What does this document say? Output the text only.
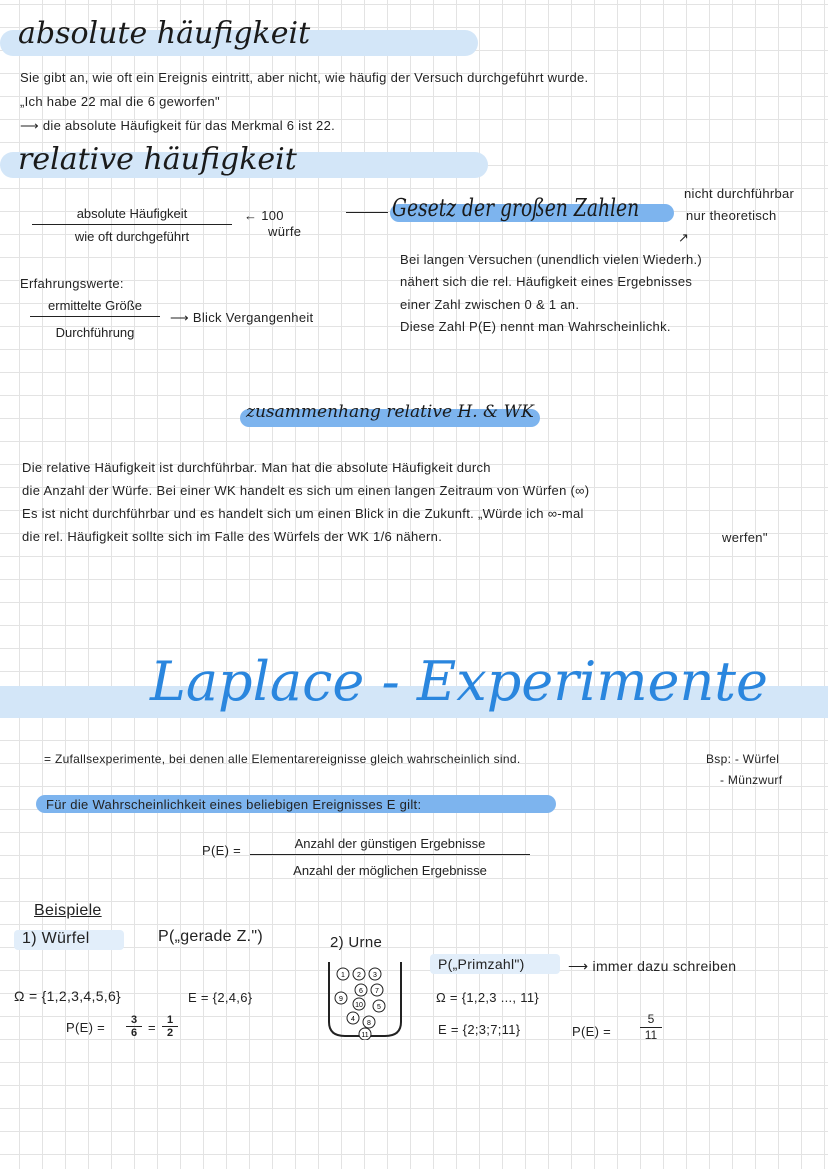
absolute häufigkeit
Sie gibt an, wie oft ein Ereignis eintritt, aber nicht, wie häufig der Versuch durchgeführt wurde.
„Ich habe 22 mal die 6 geworfen"
⟶ die absolute Häufigkeit für das Merkmal 6 ist 22.
relative häufigkeit
absolute Häufigkeit
wie oft durchgeführt
← 100
würfe
Gesetz der großen Zahlen
nicht durchführbar
nur theoretisch
↗
Bei langen Versuchen (unendlich vielen Wiederh.)
nähert sich die rel. Häufigkeit eines Ergebnisses
einer Zahl zwischen 0 & 1 an.
Diese Zahl P(E) nennt man Wahrscheinlichk.
Erfahrungswerte:
ermittelte Größe
Durchführung
⟶ Blick Vergangenheit
zusammenhang relative H. & WK
Die relative Häufigkeit ist durchführbar. Man hat die absolute Häufigkeit durch
die Anzahl der Würfe. Bei einer WK handelt es sich um einen langen Zeitraum von Würfen (∞)
Es ist nicht durchführbar und es handelt sich um einen Blick in die Zukunft. „Würde ich ∞-mal
die rel. Häufigkeit sollte sich im Falle des Würfels der WK 1/6 nähern.	werfen"
Laplace - Experimente
= Zufallsexperimente, bei denen alle Elementarereignisse gleich wahrscheinlich sind.	Bsp: - Würfel
- Münzwurf
Für die Wahrscheinlichkeit eines beliebigen Ereignisses E gilt:
P(E) =	Anzahl der günstigen Ergebnisse
Anzahl der möglichen Ergebnisse
Beispiele
1) Würfel	P(„gerade Z.")
Ω = {1,2,3,4,5,6}	E = {2,4,6}
$P(E) = \frac{3}{6} = \frac{1}{2}$
2) Urne
1 2 3
6 7
9
10 5
4
8
11
P(„Primzahl")	⟶ immer dazu schreiben
Ω = {1,2,3 ..., 11}
E = {2;3;7;11}	$P(E) = \frac{5}{11}$
